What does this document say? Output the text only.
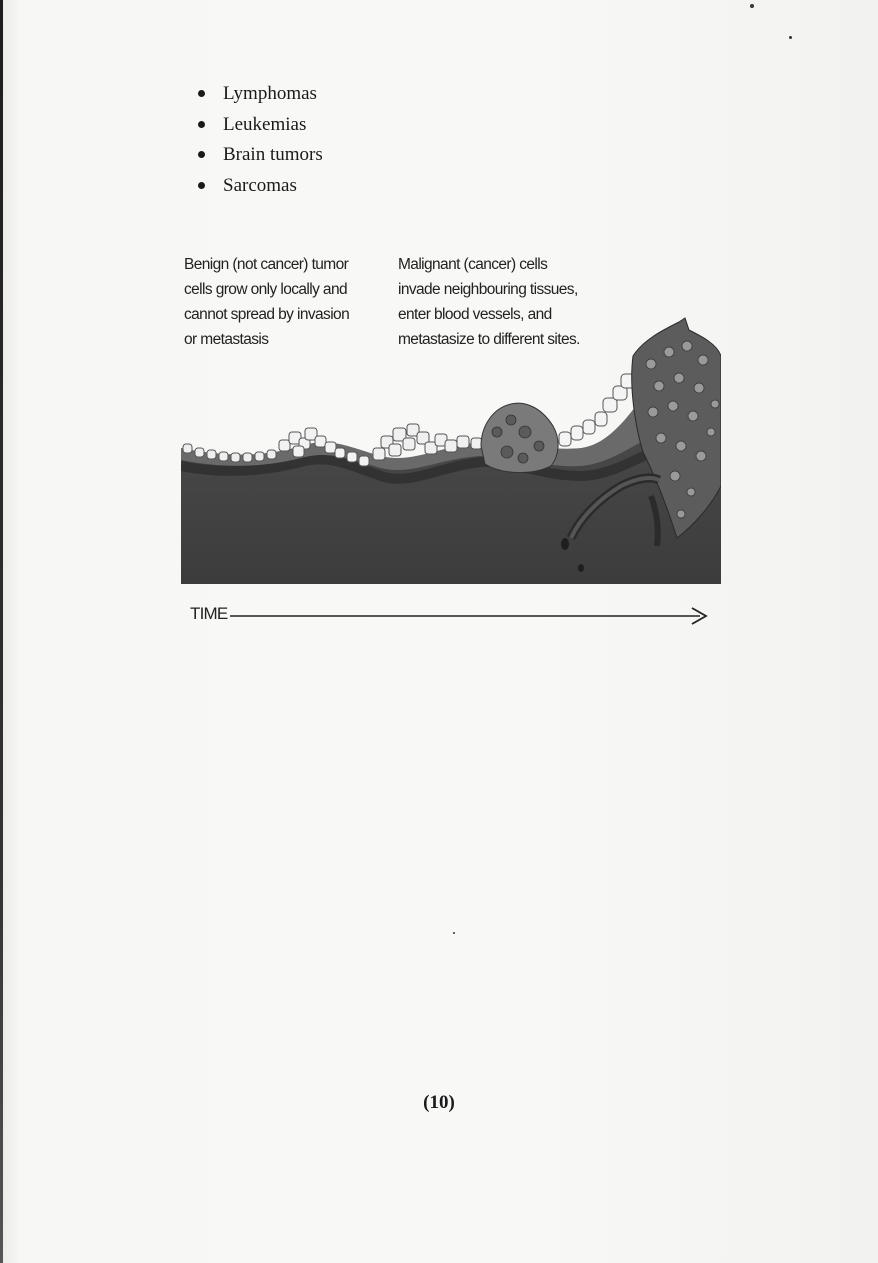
Lymphomas
Leukemias
Brain tumors
Sarcomas
Benign (not cancer) tumor
cells grow only locally and
cannot spread by invasion
or metastasis
Malignant (cancer) cells
invade neighbouring tissues,
enter blood vessels, and
metastasize to different sites.
TIME
(10)
